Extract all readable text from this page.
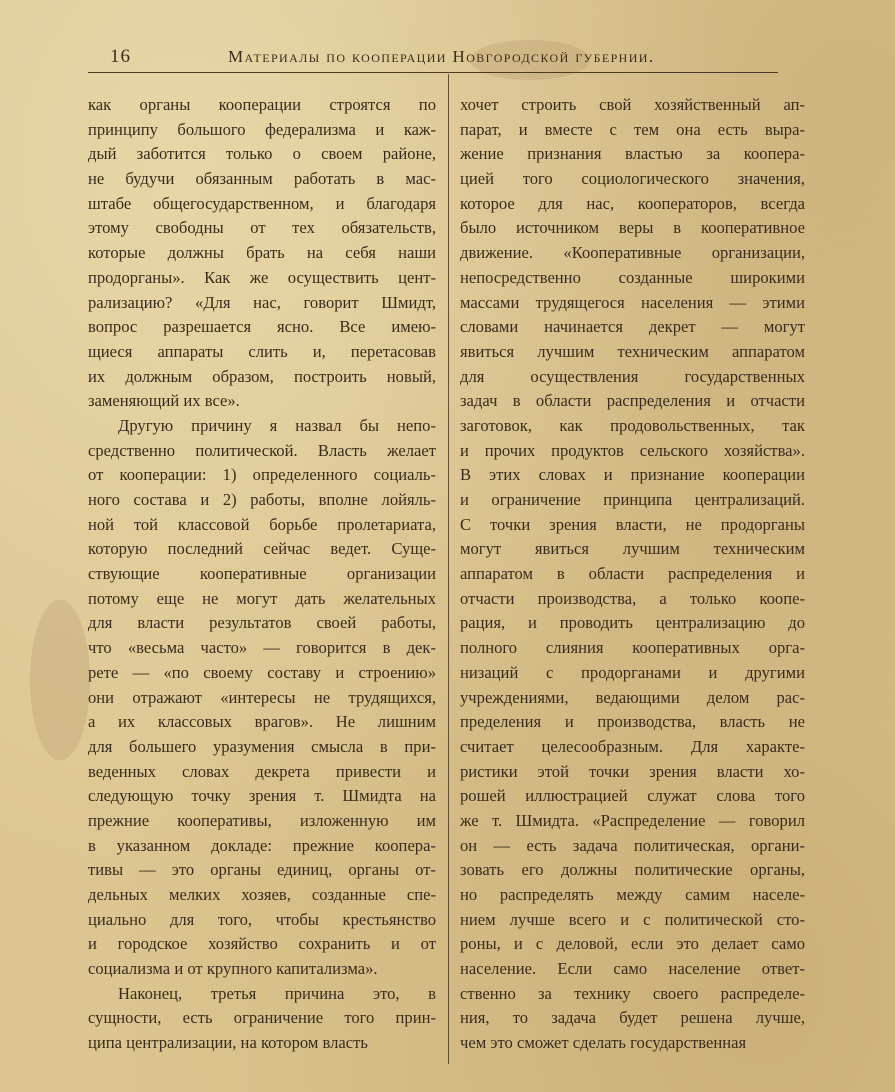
16	Материалы по кооперации Новгородской губернии.
как органы кооперации строятся по
принципу большого федерализма и каж-
дый заботится только о своем районе,
не будучи обязанным работать в мас-
штабе общегосударственном, и благодаря
этому свободны от тех обязательств,
которые должны брать на себя наши
продорганы». Как же осуществить цент-
рализацию? «Для нас, говорит Шмидт,
вопрос разрешается ясно. Все имею-
щиеся аппараты слить и, перетасовав
их должным образом, построить новый,
заменяющий их все».
Другую причину я назвал бы непо-
средственно политической. Власть желает
от кооперации: 1) определенного социаль-
ного состава и 2) работы, вполне лойяль-
ной той классовой борьбе пролетариата,
которую последний сейчас ведет. Суще-
ствующие кооперативные организации
потому еще не могут дать желательных
для власти результатов своей работы,
что «весьма часто» — говорится в дек-
рете — «по своему составу и строению»
они отражают «интересы не трудящихся,
а их классовых врагов». Не лишним
для большего уразумения смысла в при-
веденных словах декрета привести и
следующую точку зрения т. Шмидта на
прежние кооперативы, изложенную им
в указанном докладе: прежние коопера-
тивы — это органы единиц, органы от-
дельных мелких хозяев, созданные спе-
циально для того, чтобы крестьянство
и городское хозяйство сохранить и от
социализма и от крупного капитализма».
Наконец, третья причина это, в
сущности, есть ограничение того прин-
ципа централизации, на котором власть
хочет строить свой хозяйственный ап-
парат, и вместе с тем она есть выра-
жение признания властью за коопера-
цией того социологического значения,
которое для нас, кооператоров, всегда
было источником веры в кооперативное
движение. «Кооперативные организации,
непосредственно созданные широкими
массами трудящегося населения — этими
словами начинается декрет — могут
явиться лучшим техническим аппаратом
для осуществления государственных
задач в области распределения и отчасти
заготовок, как продовольственных, так
и прочих продуктов сельского хозяйства».
В этих словах и признание кооперации
и ограничение принципа централизаций.
С точки зрения власти, не продорганы
могут явиться лучшим техническим
аппаратом в области распределения и
отчасти производства, а только коопе-
рация, и проводить централизацию до
полного слияния кооперативных орга-
низаций с продорганами и другими
учреждениями, ведающими делом рас-
пределения и производства, власть не
считает целесообразным. Для характе-
ристики этой точки зрения власти хо-
рошей иллюстрацией служат слова того
же т. Шмидта. «Распределение — говорил
он — есть задача политическая, органи-
зовать его должны политические органы,
но распределять между самим населе-
нием лучше всего и с политической сто-
роны, и с деловой, если это делает само
население. Если само население ответ-
ственно за технику своего распределе-
ния, то задача будет решена лучше,
чем это сможет сделать государственная
